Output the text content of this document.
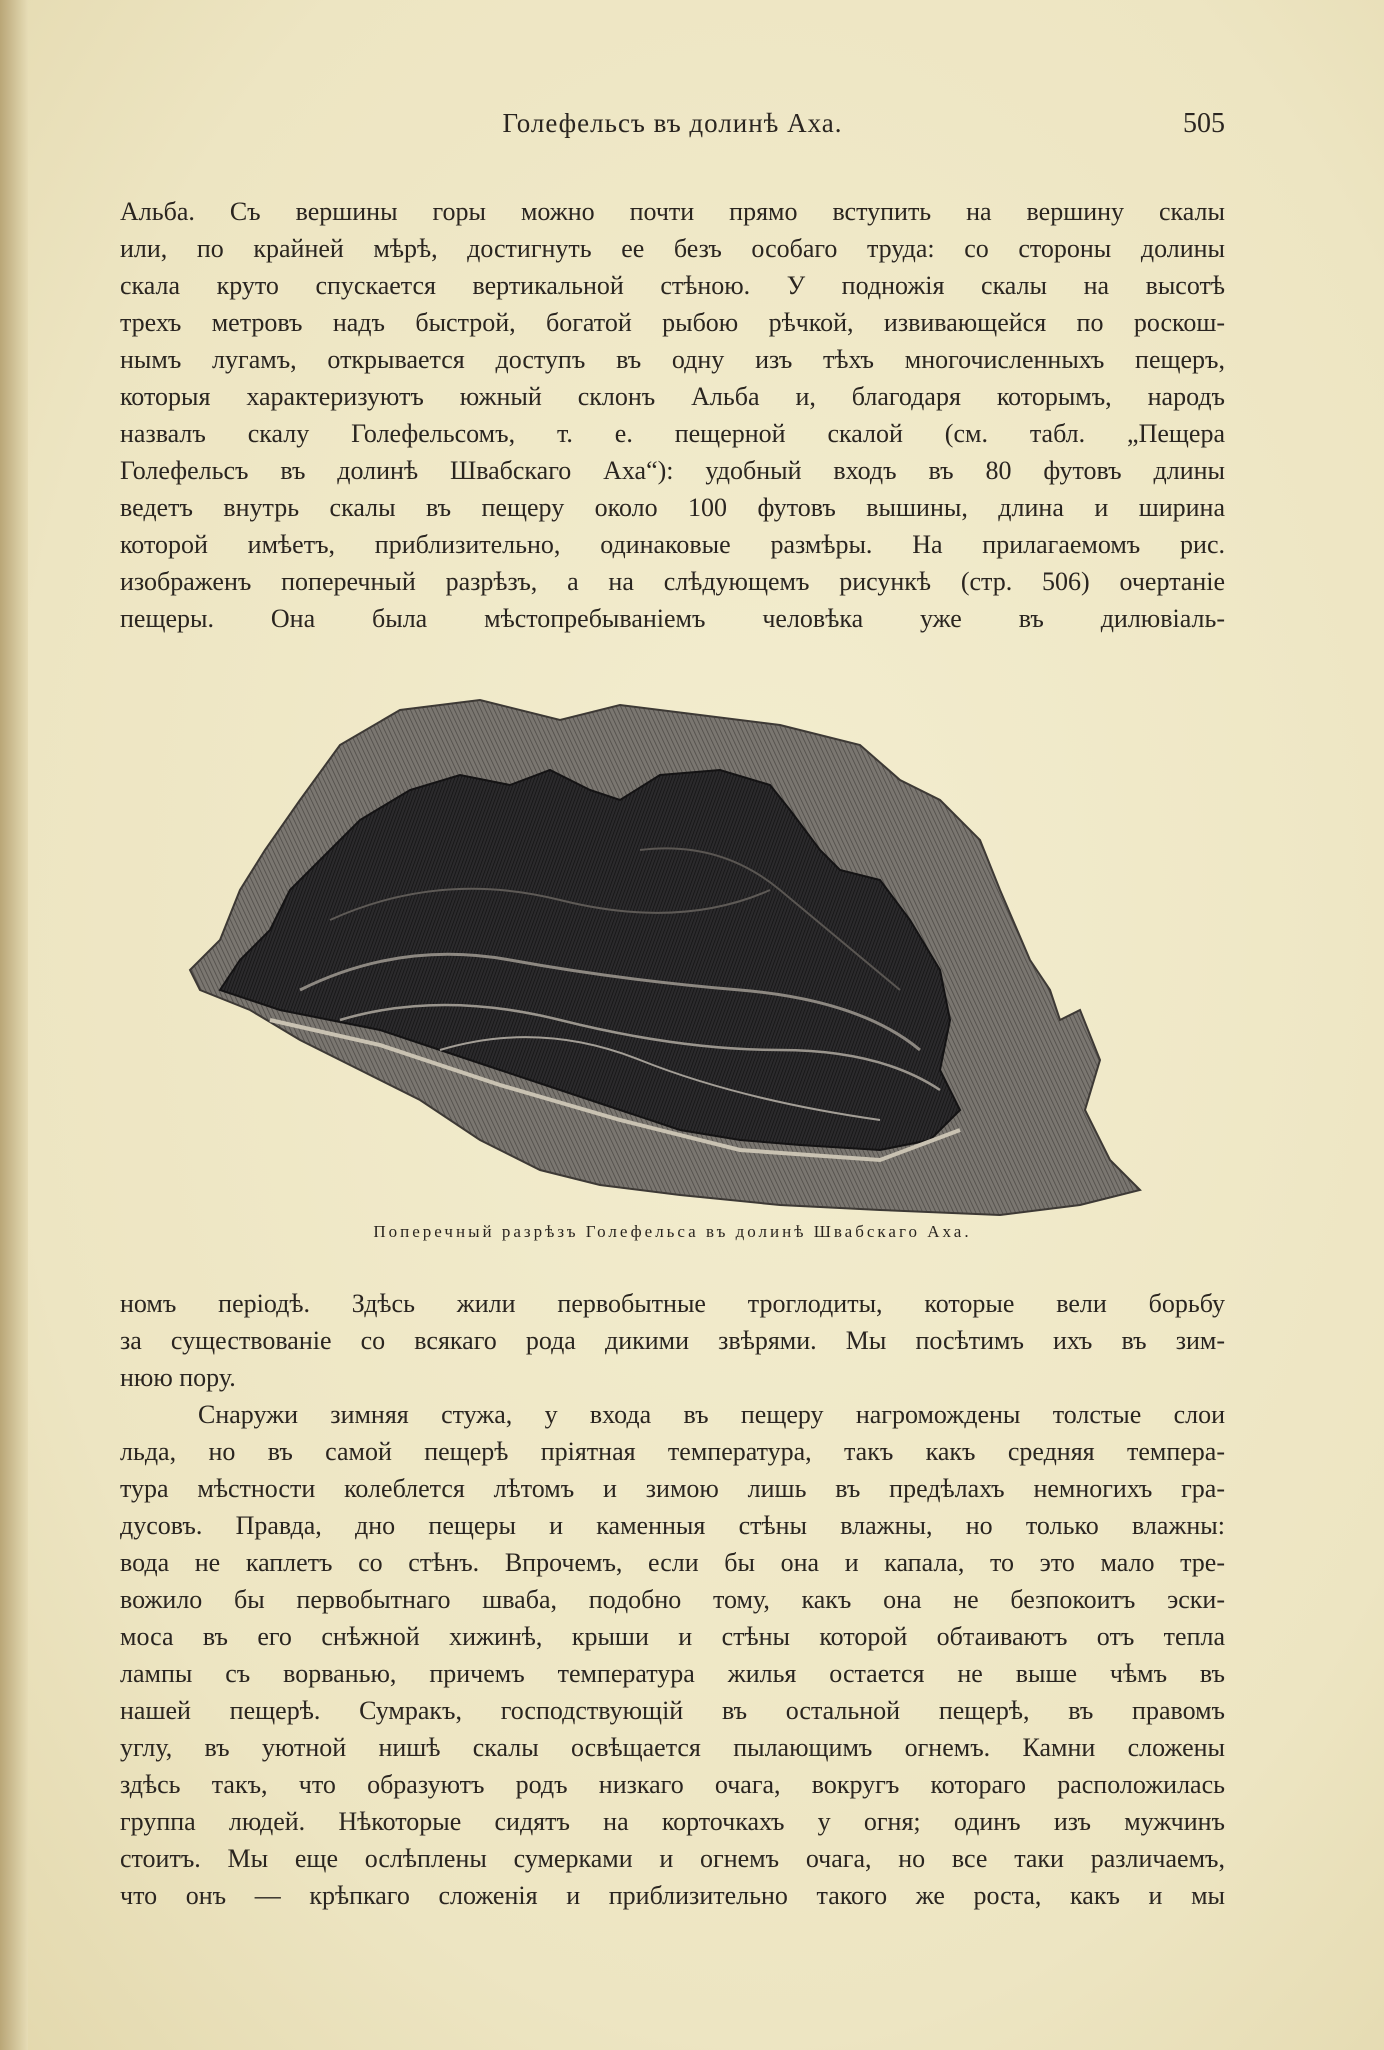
Голефельсъ въ долинѣ Аха.	505
Альба. Съ вершины горы можно почти прямо вступить на вершину скалы
или, по крайней мѣрѣ, достигнуть ее безъ особаго труда: со стороны долины
скала круто спускается вертикальной стѣною. У подножія скалы на высотѣ
трехъ метровъ надъ быстрой, богатой рыбою рѣчкой, извивающейся по роскош-
нымъ лугамъ, открывается доступъ въ одну изъ тѣхъ многочисленныхъ пещеръ,
которыя характеризуютъ южный склонъ Альба и, благодаря которымъ, народъ
назвалъ скалу Голефельсомъ, т. е. пещерной скалой (см. табл. „Пещера
Голефельсъ въ долинѣ Швабскаго Аха“): удобный входъ въ 80 футовъ длины
ведетъ внутрь скалы въ пещеру около 100 футовъ вышины, длина и ширина
которой имѣетъ, приблизительно, одинаковые размѣры. На прилагаемомъ рис.
изображенъ поперечный разрѣзъ, а на слѣдующемъ рисункѣ (стр. 506) очертаніе
пещеры. Она была мѣстопребываніемъ человѣка уже въ дилювіаль-
Поперечный разрѣзъ Голефельса въ долинѣ Швабскаго Аха.
номъ періодѣ. Здѣсь жили первобытные троглодиты, которые вели борьбу
за существованіе со всякаго рода дикими звѣрями. Мы посѣтимъ ихъ въ зим-
нюю пору.
Снаружи зимняя стужа, у входа въ пещеру нагромождены толстые слои
льда, но въ самой пещерѣ пріятная температура, такъ какъ средняя темпера-
тура мѣстности колеблется лѣтомъ и зимою лишь въ предѣлахъ немногихъ гра-
дусовъ. Правда, дно пещеры и каменныя стѣны влажны, но только влажны:
вода не каплетъ со стѣнъ. Впрочемъ, если бы она и капала, то это мало тре-
вожило бы первобытнаго шваба, подобно тому, какъ она не безпокоитъ эски-
моса въ его снѣжной хижинѣ, крыши и стѣны которой обтаиваютъ отъ тепла
лампы съ ворванью, причемъ температура жилья остается не выше чѣмъ въ
нашей пещерѣ. Сумракъ, господствующій въ остальной пещерѣ, въ правомъ
углу, въ уютной нишѣ скалы освѣщается пылающимъ огнемъ. Камни сложены
здѣсь такъ, что образуютъ родъ низкаго очага, вокругъ котораго расположилась
группа людей. Нѣкоторые сидятъ на корточкахъ у огня; одинъ изъ мужчинъ
стоитъ. Мы еще ослѣплены сумерками и огнемъ очага, но все таки различаемъ,
что онъ — крѣпкаго сложенія и приблизительно такого же роста, какъ и мы
